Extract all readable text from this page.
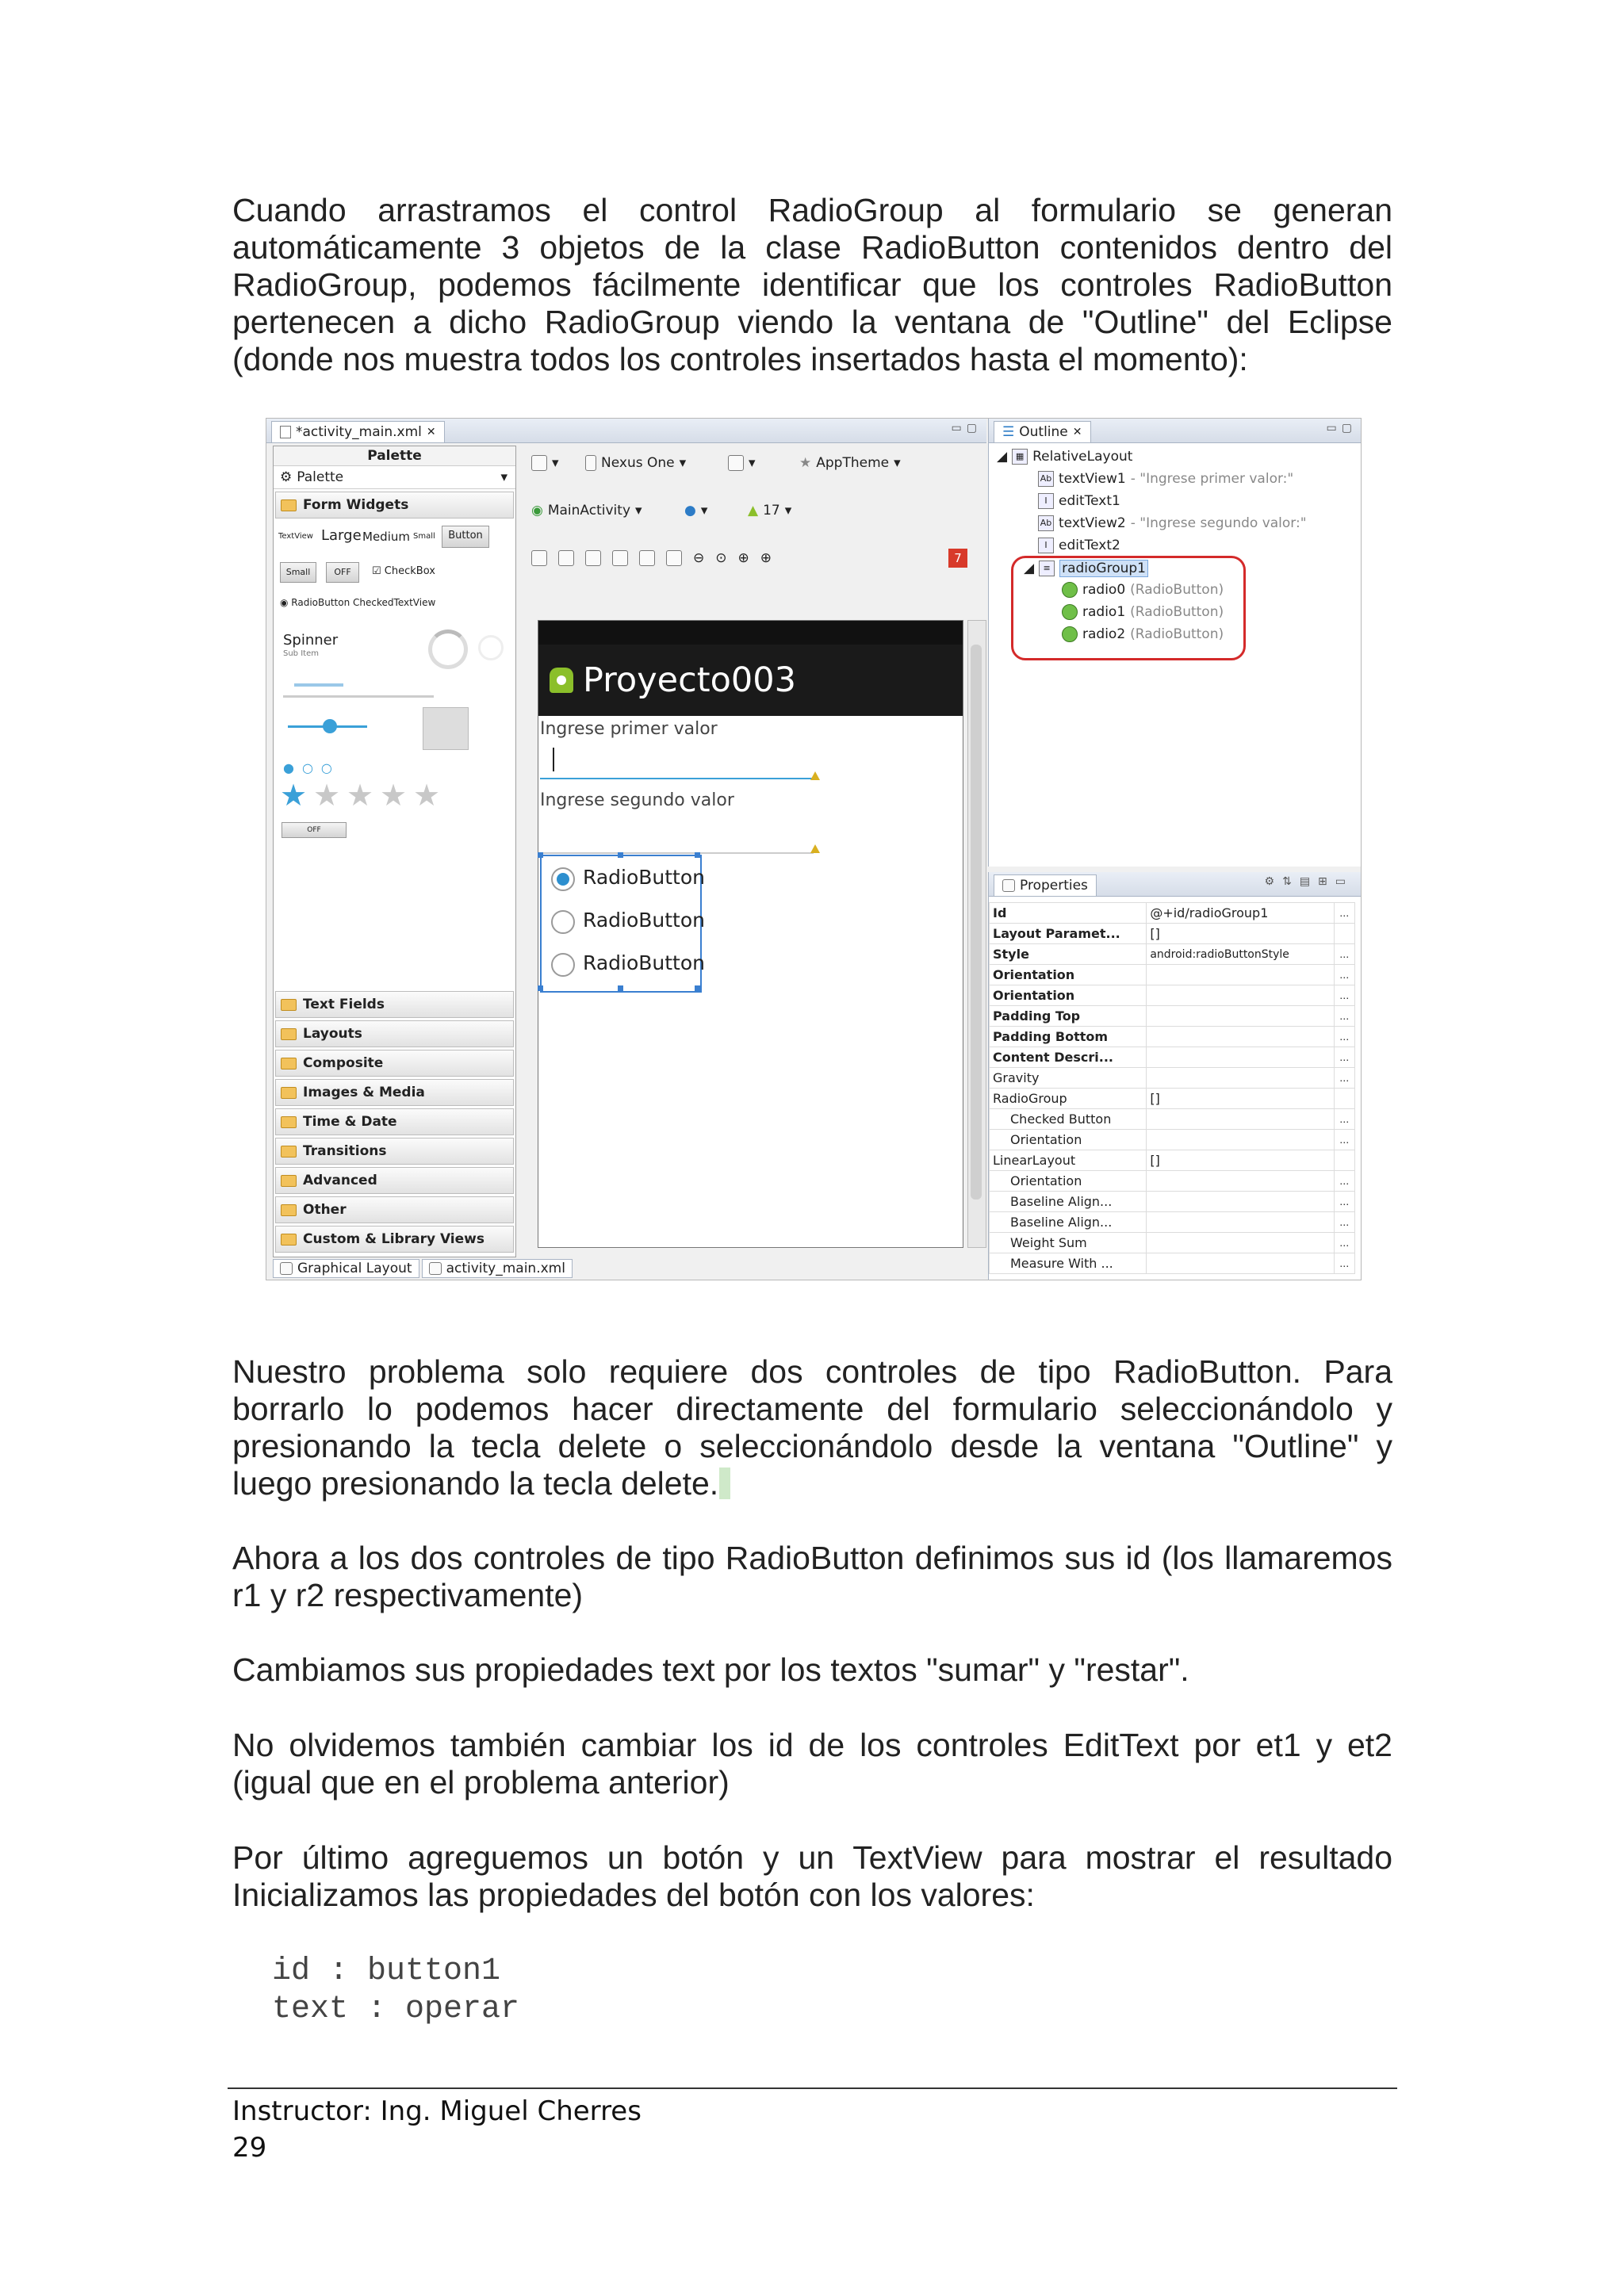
Cuando arrastramos el control RadioGroup al formulario se generan automáticamente 3 objetos de la clase RadioButton contenidos dentro del RadioGroup, podemos fácilmente identificar que los controles RadioButton pertenecen a dicho RadioGroup viendo la ventana de "Outline" del Eclipse (donde nos muestra todos los controles insertados hasta el momento):

*activity_main.xml ✕	▭▢
Palette
⚙ Palette	▾
Form Widgets
TextView Large Medium Small	Button
Small	OFF	☑ CheckBox
◉ RadioButton CheckedTextView
Spinner
Sub Item
●○○
★ ★ ★ ★ ★
OFF
Text Fields
Layouts
Composite
Images & Media
Time & Date
Transitions
Advanced
Other
Custom & Library Views
▾	Nexus One ▾	▾	★ AppTheme ▾
◉ MainActivity ▾	● ▾	▲ 17 ▾
⊖ ⊙ ⊕ ⊕	7
Proyecto003
Ingrese primer valor
Ingrese segundo valor
RadioButton
RadioButton
RadioButton
Graphical Layout	activity_main.xml
☰ Outline ✕	▭▢
◢ ▦ RelativeLayout
Ab textView1 - "Ingrese primer valor:"
I editText1
Ab textView2 - "Ingrese segundo valor:"
I editText2
◢	≡ radioGroup1
radio0 (RadioButton)
radio1 (RadioButton)
radio2 (RadioButton)
Properties	⚙⇅▤⊞▭
Id	@+id/radioGroup1	…
Layout Paramet...	[]	
Style	android:radioButtonStyle	…
Orientation		…
Orientation		…
Padding Top		…
Padding Bottom		…
Content Descri...		…
Gravity		…
RadioGroup	[]	
Checked Button		…
Orientation		…
LinearLayout	[]	
Orientation		…
Baseline Align...		…
Baseline Align...		…
Weight Sum		…
Measure With ...		…

Nuestro problema solo requiere dos controles de tipo RadioButton. Para borrarlo lo podemos hacer directamente del formulario seleccionándolo y presionando la tecla delete o seleccionándolo desde la ventana "Outline" y luego presionando la tecla delete.

Ahora a los dos controles de tipo RadioButton definimos sus id (los llamaremos r1 y r2 respectivamente)

Cambiamos sus propiedades text por los textos "sumar" y "restar".

No olvidemos también cambiar los id de los controles EditText por et1 y et2 (igual que en el problema anterior)

Por último agreguemos un botón y un TextView para mostrar el resultado Inicializamos las propiedades del botón con los valores:

id : button1

text : operar

Instructor: Ing. Miguel Cherres
29
